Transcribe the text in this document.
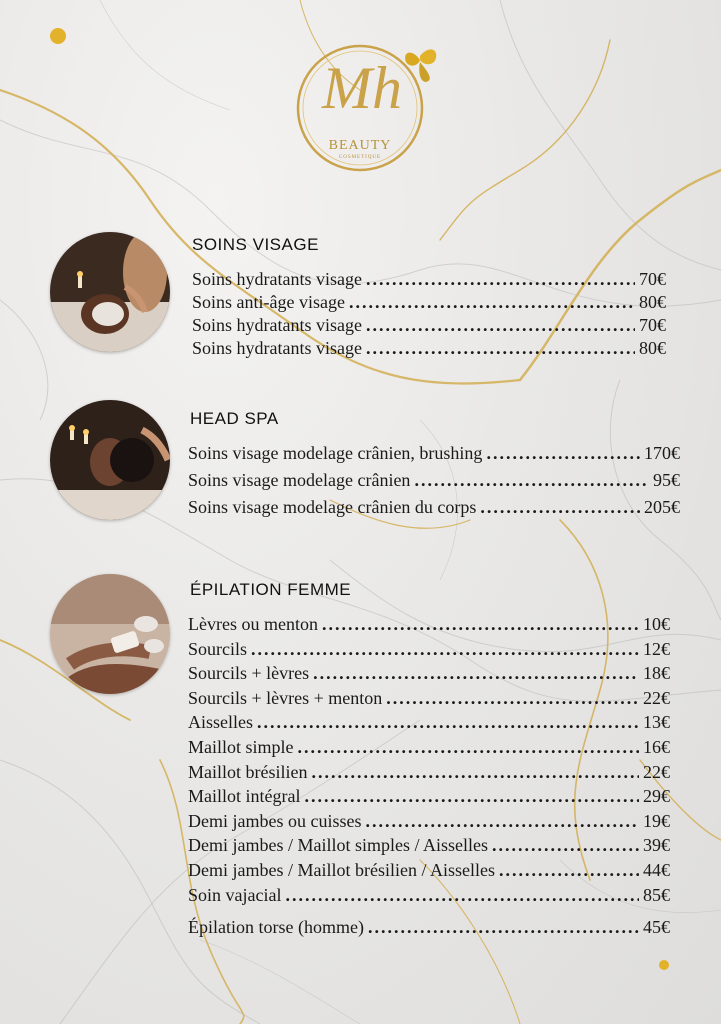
Mh
BEAUTY
COSMETIQUE
SOINS VISAGE
Soins hydratants visage .....	70€
Soins anti-âge visage .....	80€
Soins hydratants visage .....	70€
Soins hydratants visage .....	80€
HEAD SPA
Soins visage modelage crânien, brushing .....	170€
Soins visage modelage crânien .....	95€
Soins visage modelage crânien du corps .....	205€
ÉPILATION FEMME
Lèvres ou menton .....	10€
Sourcils .....	12€
Sourcils + lèvres .....	18€
Sourcils + lèvres + menton .....	22€
Aisselles .....	13€
Maillot simple .....	16€
Maillot brésilien .....	22€
Maillot intégral .....	29€
Demi jambes ou cuisses .....	19€
Demi jambes / Maillot simples / Aisselles .....	39€
Demi jambes / Maillot brésilien / Aisselles .....	44€
Soin vajacial .....	85€
Épilation torse (homme) .....	45€
